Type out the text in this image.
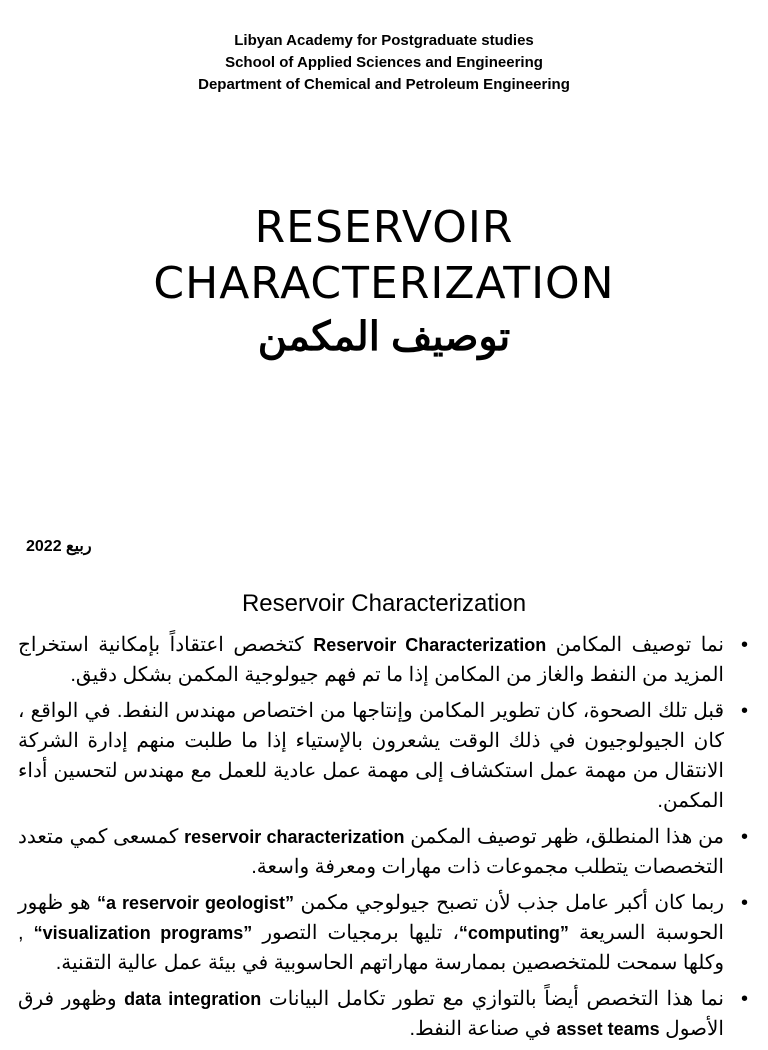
Libyan Academy for Postgraduate studies
School of Applied Sciences and Engineering
Department of Chemical and Petroleum Engineering
RESERVOIR
CHARACTERIZATION
توصيف المكمن
2022 ربيع
Reservoir Characterization
• نما توصيف المكامن Reservoir Characterization كتخصص اعتقاداً بإمكانية استخراج المزيد من النفط والغاز من المكامن إذا ما تم فهم جيولوجية المكمن بشكل دقيق.
• قبل تلك الصحوة، كان تطوير المكامن وإنتاجها من اختصاص مهندس النفط. في الواقع ، كان الجيولوجيون في ذلك الوقت يشعرون بالإستياء إذا ما طلبت منهم إدارة الشركة الانتقال من مهمة عمل استكشاف إلى مهمة عمل عادية للعمل مع مهندس لتحسين أداء المكمن.
• من هذا المنطلق، ظهر توصيف المكمن reservoir characterization كمسعى كمي متعدد التخصصات يتطلب مجموعات ذات مهارات ومعرفة واسعة.
• ربما كان أكبر عامل جذب لأن تصبح جيولوجي مكمن “a reservoir geologist” هو ظهور الحوسبة السريعة “computing”، تليها برمجيات التصور “visualization programs” , وكلها سمحت للمتخصصين بممارسة مهاراتهم الحاسوبية في بيئة عمل عالية التقنية.
• نما هذا التخصص أيضاً بالتوازي مع تطور تكامل البيانات data integration وظهور فرق الأصول asset teams في صناعة النفط.
